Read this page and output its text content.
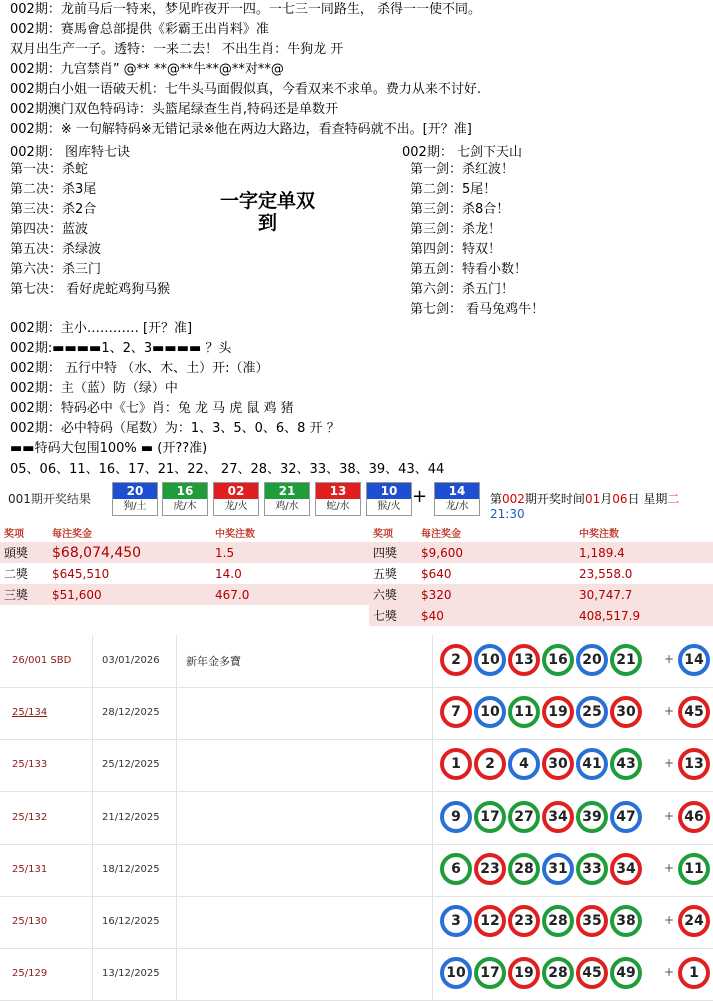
002期：龙前马后一特来，梦见昨夜开一四。一七三一同路生， 杀得一一使不同。
002期：赛馬會总部提供《彩霸王出肖料》准
双月出生产一子。透特：一来二去！ 不出生肖：牛狗龙 开
002期：九宫禁肖” @** **@**牛**@**对**@
002期白小姐一语破天机：七牛头马面假似真，今看双来不求单。费力从来不讨好.
002期澳门双色特码诗：头篮尾绿查生肖,特码还是单数开
002期：※ 一句解特码※无错记录※他在两边大路边，看查特码就不出。[开？准]
002期： 图库特七诀
第一决：杀蛇
第二决：杀3尾
第三决：杀2合
第四决：蓝波
第五决：杀绿波
第六决：杀三门
第七决： 看好虎蛇鸡狗马猴
一字定单双
到
002期： 七剑下天山
第一剑：杀红波！
第二剑：5尾！
第三剑：杀8合！
第三剑：杀龙！
第四剑：特双！
第五剑：特看小数！
第六剑：杀五门！
第七剑： 看马兔鸡牛！
002期：主小………… [开？准]
002期:▬▬▬▬1、2、3▬▬▬▬ ？头
002期： 五行中特 （水、木、土）开:（准）
002期：主（蓝）防（绿）中
002期：特码必中《七》肖：兔 龙 马 虎 鼠 鸡 猪
002期：必中特码（尾数）为：1、3、5、0、6、8 开 ？
▬▬特码大包围100% ▬ (开??准)
05、06、11、16、17、21、22、 27、28、32、33、38、39、43、44
001期开奖结果
20
狗/土
16
虎/木
02
龙/火
21
鸡/水
13
蛇/水
10
猴/火
14
龙/水
+	第002期开奖时间01月06日 星期二21:30
奖项	每注奖金	中奖注数	奖项	每注奖金	中奖注数
頭獎	$68,074,450	1.5	四獎	$9,600	1,189.4
二獎	$645,510	14.0	五獎	$640	23,558.0
三獎	$51,600	467.0	六獎	$320	30,747.7
			七獎	$40	408,517.9
26/001 SBD	03/01/2026 新年金多寶	2	10	13	16	20	21	+ 14
25/134	28/12/2025	7	10	11	19	25	30	+ 45
25/133	25/12/2025	1	2	4	30	41	43	+ 13
25/132	21/12/2025	9	17	27	34	39	47	+ 46
25/131	18/12/2025	6	23	28	31	33	34	+ 11
25/130	16/12/2025	3	12	23	28	35	38	+ 24
25/129	13/12/2025	10	17	19	28	45	49	+	1
